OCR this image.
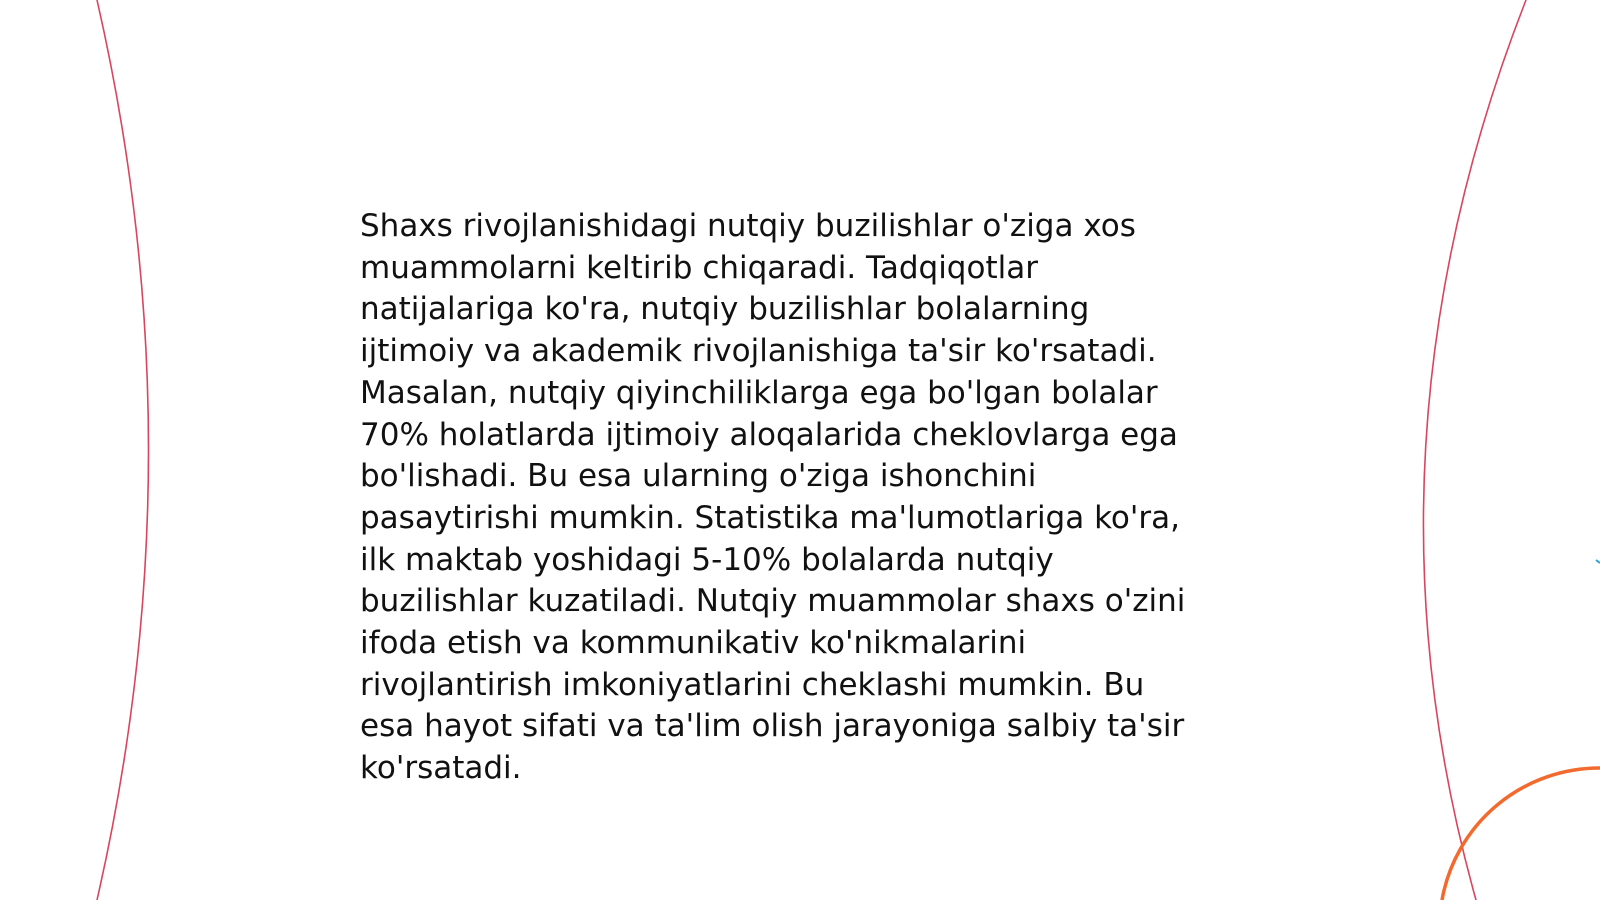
Shaxs rivojlanishidagi nutqiy buzilishlar o'ziga xos
muammolarni keltirib chiqaradi. Tadqiqotlar
natijalariga ko'ra, nutqiy buzilishlar bolalarning
ijtimoiy va akademik rivojlanishiga ta'sir ko'rsatadi.
Masalan, nutqiy qiyinchiliklarga ega bo'lgan bolalar
70% holatlarda ijtimoiy aloqalarida cheklovlarga ega
bo'lishadi. Bu esa ularning o'ziga ishonchini
pasaytirishi mumkin. Statistika ma'lumotlariga ko'ra,
ilk maktab yoshidagi 5-10% bolalarda nutqiy
buzilishlar kuzatiladi. Nutqiy muammolar shaxs o'zini
ifoda etish va kommunikativ ko'nikmalarini
rivojlantirish imkoniyatlarini cheklashi mumkin. Bu
esa hayot sifati va ta'lim olish jarayoniga salbiy ta'sir
ko'rsatadi.
